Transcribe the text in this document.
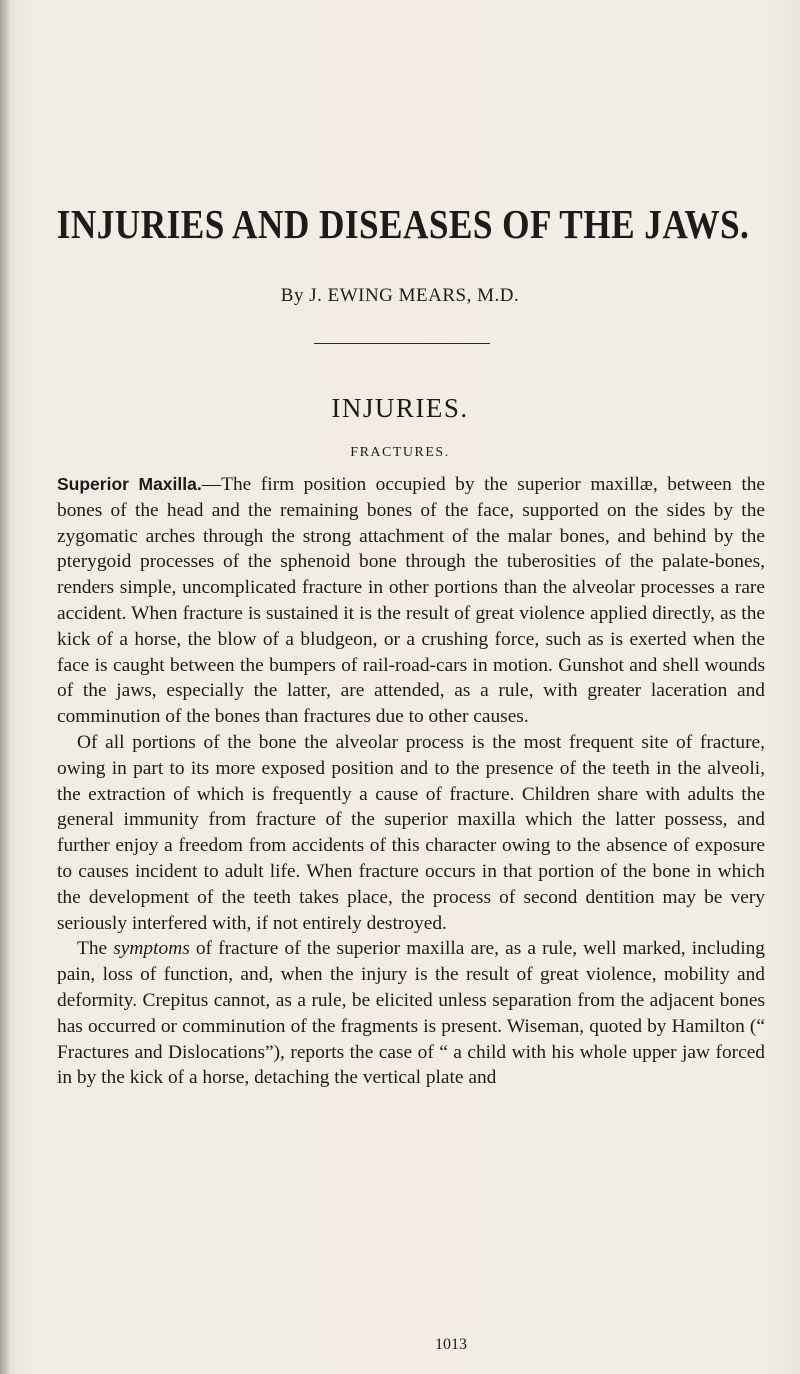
INJURIES AND DISEASES OF THE JAWS.
By J. EWING MEARS, M.D.
INJURIES.
FRACTURES.

Superior Maxilla.—The firm position occupied by the superior maxillæ, between the bones of the head and the remaining bones of the face, supported on the sides by the zygomatic arches through the strong attachment of the malar bones, and behind by the pterygoid processes of the sphenoid bone through the tuberosities of the palate-bones, renders simple, uncomplicated fracture in other portions than the alveolar processes a rare accident. When fracture is sustained it is the result of great violence applied directly, as the kick of a horse, the blow of a bludgeon, or a crushing force, such as is exerted when the face is caught between the bumpers of rail-road-cars in motion. Gunshot and shell wounds of the jaws, especially the latter, are attended, as a rule, with greater laceration and comminution of the bones than fractures due to other causes.

Of all portions of the bone the alveolar process is the most frequent site of fracture, owing in part to its more exposed position and to the presence of the teeth in the alveoli, the extraction of which is frequently a cause of fracture. Children share with adults the general immunity from fracture of the superior maxilla which the latter possess, and further enjoy a freedom from accidents of this character owing to the absence of exposure to causes incident to adult life. When fracture occurs in that portion of the bone in which the development of the teeth takes place, the process of second dentition may be very seriously interfered with, if not entirely destroyed.

The symptoms of fracture of the superior maxilla are, as a rule, well marked, including pain, loss of function, and, when the injury is the result of great violence, mobility and deformity. Crepitus cannot, as a rule, be elicited unless separation from the adjacent bones has occurred or comminution of the fragments is present. Wiseman, quoted by Hamilton (“ Fractures and Dislocations”), reports the case of “ a child with his whole upper jaw forced in by the kick of a horse, detaching the vertical plate and

1013
